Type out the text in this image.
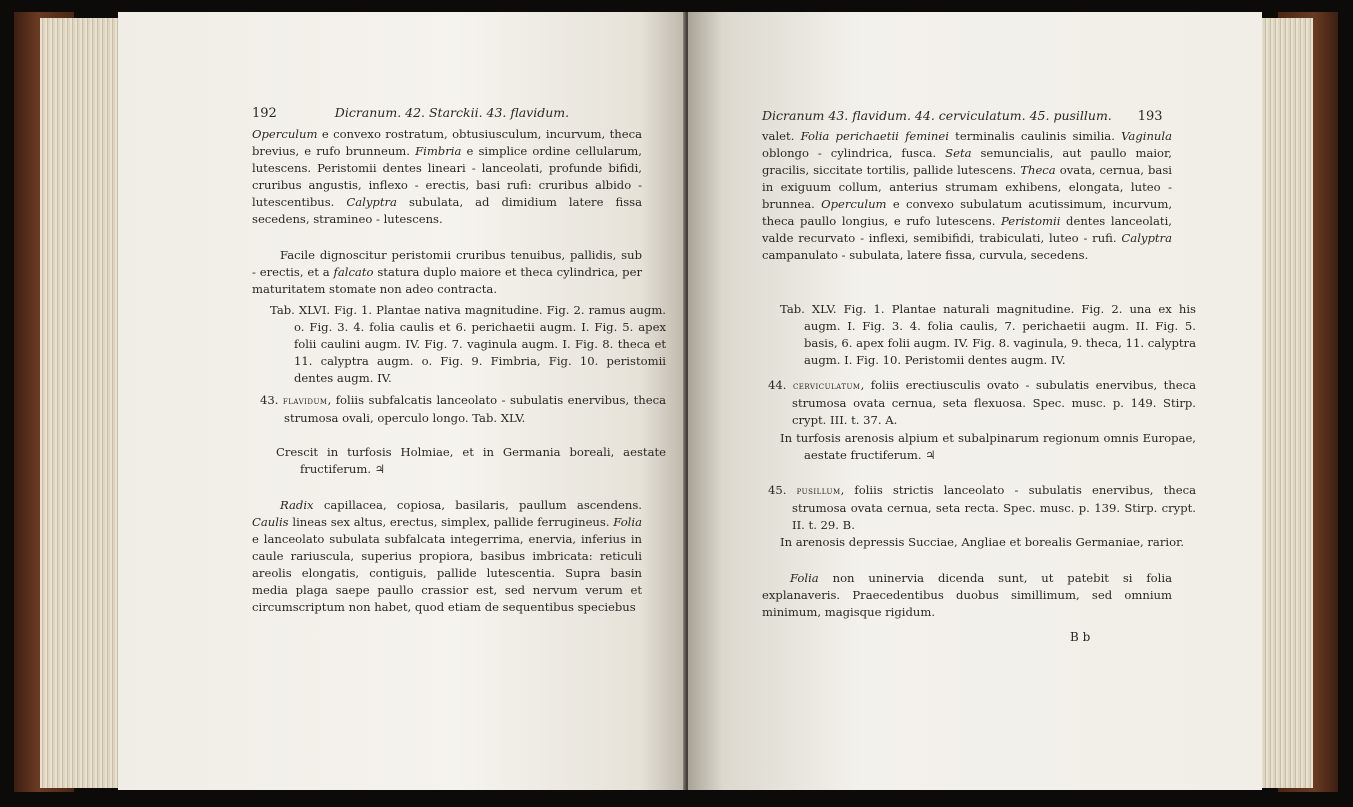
192	Dicranum. 42. Starckii. 43. flavidum.
Operculum e convexo rostratum, obtusiusculum, incurvum, theca brevius, e rufo brunneum. Fimbria e simplice ordine cellularum, lutescens. Peristomii dentes lineari - lanceolati, profunde bifidi, cruribus angustis, inflexo - erectis, basi rufi: cruribus albido - lutescentibus. Calyptra subulata, ad dimidium latere fissa secedens, stramineo - lutescens.
Facile dignoscitur peristomii cruribus tenuibus, pallidis, sub - erectis, et a falcato statura duplo maiore et theca cylindrica, per maturitatem stomate non adeo contracta.
Tab. XLVI. Fig. 1. Plantae nativa magnitudine. Fig. 2. ramus augm. o. Fig. 3. 4. folia caulis et 6. perichaetii augm. I. Fig. 5. apex folii caulini augm. IV. Fig. 7. vaginula augm. I. Fig. 8. theca et 11. calyptra augm. o. Fig. 9. Fimbria, Fig. 10. peristomii dentes augm. IV.
43. flavidum, foliis subfalcatis lanceolato - subulatis enervibus, theca strumosa ovali, operculo longo. Tab. XLV.
Crescit in turfosis Holmiae, et in Germania boreali, aestate fructiferum. ♃
Radix capillacea, copiosa, basilaris, paullum ascendens. Caulis lineas sex altus, erectus, simplex, pallide ferrugineus. Folia e lanceolato subulata subfalcata integerrima, enervia, inferius in caule rariuscula, superius propiora, basibus imbricata: reticuli areolis elongatis, contiguis, pallide lutescentia. Supra basin media plaga saepe paullo crassior est, sed nervum verum et circumscriptum non habet, quod etiam de sequentibus speciebus
Dicranum 43. flavidum. 44. cerviculatum. 45. pusillum. 193
valet. Folia perichaetii feminei terminalis caulinis similia. Vaginula oblongo - cylindrica, fusca. Seta semuncialis, aut paullo maior, gracilis, siccitate tortilis, pallide lutescens. Theca ovata, cernua, basi in exiguum collum, anterius strumam exhibens, elongata, luteo - brunnea. Operculum e convexo subulatum acutissimum, incurvum, theca paullo longius, e rufo lutescens. Peristomii dentes lanceolati, valde recurvato - inflexi, semibifidi, trabiculati, luteo - rufi. Calyptra campanulato - subulata, latere fissa, curvula, secedens.
Tab. XLV. Fig. 1. Plantae naturali magnitudine. Fig. 2. una ex his augm. I. Fig. 3. 4. folia caulis, 7. perichaetii augm. II. Fig. 5. basis, 6. apex folii augm. IV. Fig. 8. vaginula, 9. theca, 11. calyptra augm. I. Fig. 10. Peristomii dentes augm. IV.
44. cerviculatum, foliis erectiusculis ovato - subulatis enervibus, theca strumosa ovata cernua, seta flexuosa. Spec. musc. p. 149. Stirp. crypt. III. t. 37. A.
In turfosis arenosis alpium et subalpinarum regionum omnis Europae, aestate fructiferum. ♃
45. pusillum, foliis strictis lanceolato - subulatis enervibus, theca strumosa ovata cernua, seta recta. Spec. musc. p. 139. Stirp. crypt. II. t. 29. B.
In arenosis depressis Succiae, Angliae et borealis Germaniae, rarior.
Folia non uninervia dicenda sunt, ut patebit si folia explanaveris. Praecedentibus duobus simillimum, sed omnium minimum, magisque rigidum.
B b
